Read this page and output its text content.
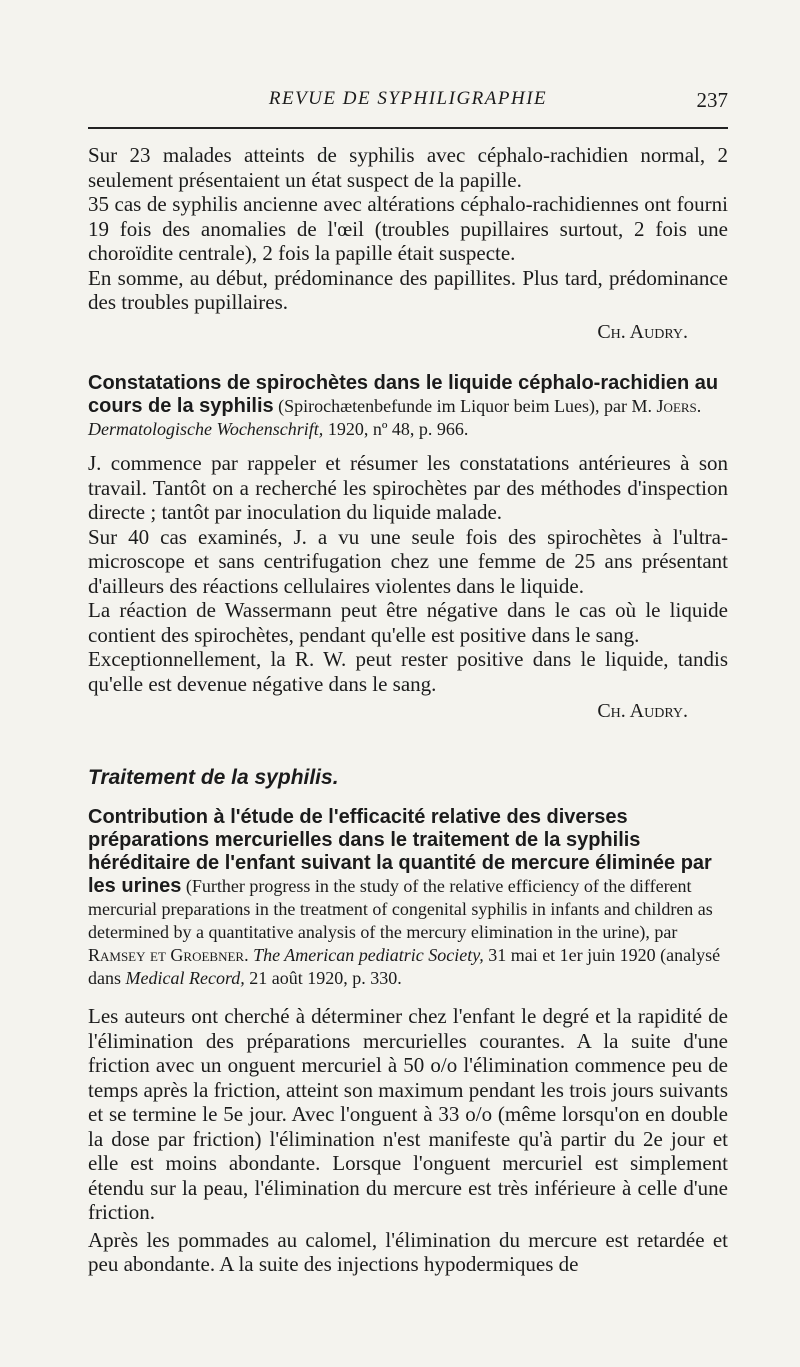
REVUE DE SYPHILIGRAPHIE	237

Sur 23 malades atteints de syphilis avec céphalo-rachidien normal, 2 seulement présentaient un état suspect de la papille.

35 cas de syphilis ancienne avec altérations céphalo-rachidiennes ont fourni 19 fois des anomalies de l'œil (troubles pupillaires surtout, 2 fois une choroïdite centrale), 2 fois la papille était suspecte.

En somme, au début, prédominance des papillites. Plus tard, prédominance des troubles pupillaires.

Ch. Audry.

Constatations de spirochètes dans le liquide céphalo-rachidien au cours de la syphilis (Spirochætenbefunde im Liquor beim Lues), par M. Joers. Dermatologische Wochenschrift, 1920, nº 48, p. 966.

J. commence par rappeler et résumer les constatations antérieures à son travail. Tantôt on a recherché les spirochètes par des méthodes d'inspection directe ; tantôt par inoculation du liquide malade.

Sur 40 cas examinés, J. a vu une seule fois des spirochètes à l'ultra-microscope et sans centrifugation chez une femme de 25 ans présentant d'ailleurs des réactions cellulaires violentes dans le liquide.

La réaction de Wassermann peut être négative dans le cas où le liquide contient des spirochètes, pendant qu'elle est positive dans le sang.

Exceptionnellement, la R. W. peut rester positive dans le liquide, tandis qu'elle est devenue négative dans le sang.

Ch. Audry.

Traitement de la syphilis.

Contribution à l'étude de l'efficacité relative des diverses préparations mercurielles dans le traitement de la syphilis héréditaire de l'enfant suivant la quantité de mercure éliminée par les urines (Further progress in the study of the relative efficiency of the different mercurial preparations in the treatment of congenital syphilis in infants and children as determined by a quantitative analysis of the mercury elimination in the urine), par Ramsey et Groebner. The American pediatric Society, 31 mai et 1er juin 1920 (analysé dans Medical Record, 21 août 1920, p. 330.

Les auteurs ont cherché à déterminer chez l'enfant le degré et la rapidité de l'élimination des préparations mercurielles courantes. A la suite d'une friction avec un onguent mercuriel à 50 o/o l'élimination commence peu de temps après la friction, atteint son maximum pendant les trois jours suivants et se termine le 5e jour. Avec l'onguent à 33 o/o (même lorsqu'on en double la dose par friction) l'élimination n'est manifeste qu'à partir du 2e jour et elle est moins abondante. Lorsque l'onguent mercuriel est simplement étendu sur la peau, l'élimination du mercure est très inférieure à celle d'une friction.

Après les pommades au calomel, l'élimination du mercure est retardée et peu abondante. A la suite des injections hypodermiques de
